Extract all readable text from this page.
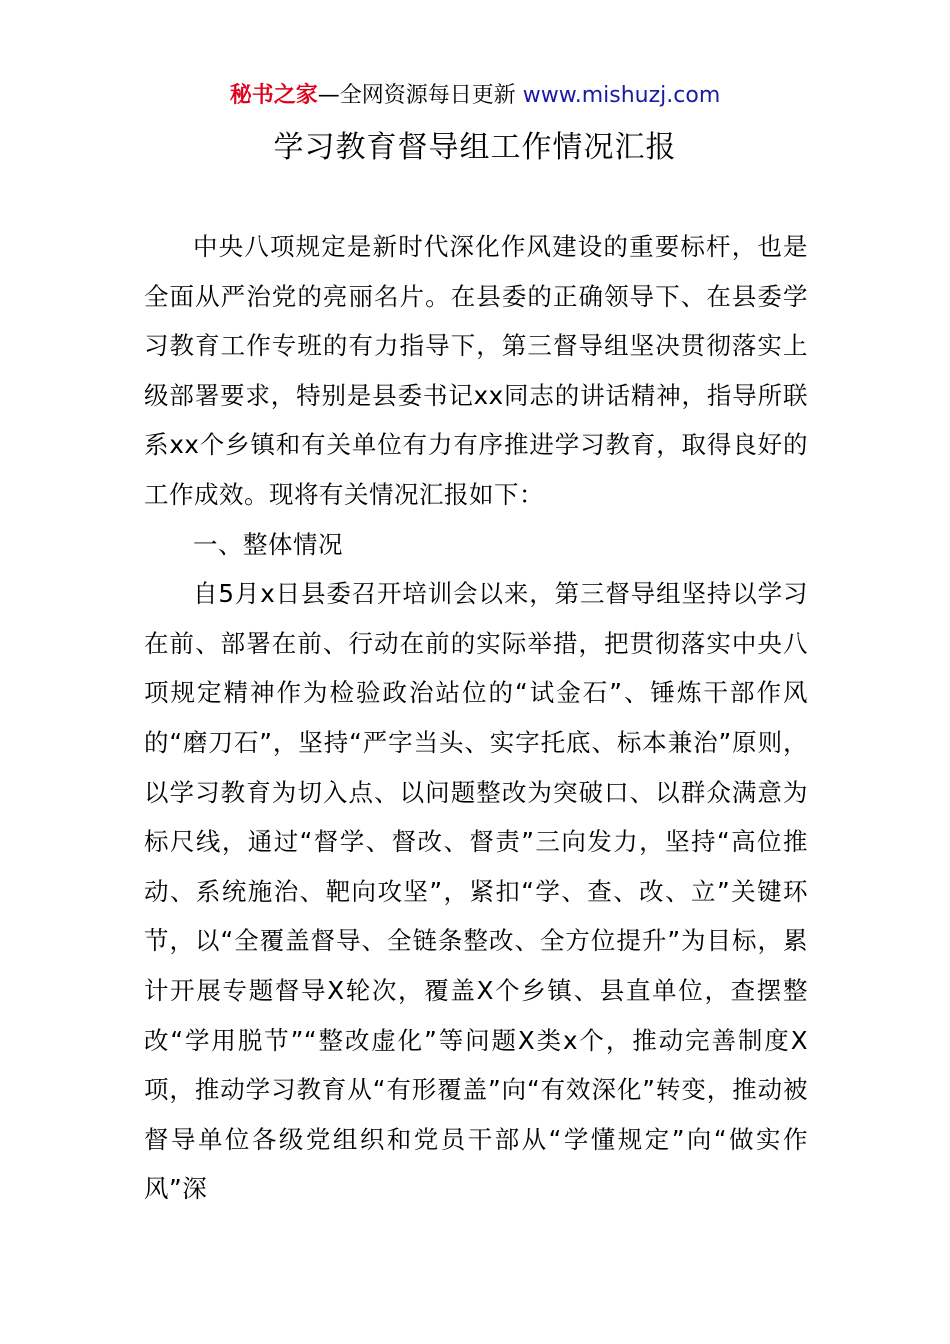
秘书之家—全网资源每日更新 www.mishuzj.com
学习教育督导组工作情况汇报

中央八项规定是新时代深化作风建设的重要标杆，也是全面从严治党的亮丽名片。在县委的正确领导下、在县委学习教育工作专班的有力指导下，第三督导组坚决贯彻落实上级部署要求，特别是县委书记xx同志的讲话精神，指导所联系xx个乡镇和有关单位有力有序推进学习教育，取得良好的工作成效。现将有关情况汇报如下：

一、整体情况

自5月x日县委召开培训会以来，第三督导组坚持以学习在前、部署在前、行动在前的实际举措，把贯彻落实中央八项规定精神作为检验政治站位的“试金石”、锤炼干部作风的“磨刀石”，坚持“严字当头、实字托底、标本兼治”原则，以学习教育为切入点、以问题整改为突破口、以群众满意为标尺线，通过“督学、督改、督责”三向发力，坚持“高位推动、系统施治、靶向攻坚”，紧扣“学、查、改、立”关键环节，以“全覆盖督导、全链条整改、全方位提升”为目标，累计开展专题督导X轮次，覆盖X个乡镇、县直单位，查摆整改“学用脱节”“整改虚化”等问题X类x个，推动完善制度X项，推动学习教育从“有形覆盖”向“有效深化”转变，推动被督导单位各级党组织和党员干部从“学懂规定”向“做实作风”深
